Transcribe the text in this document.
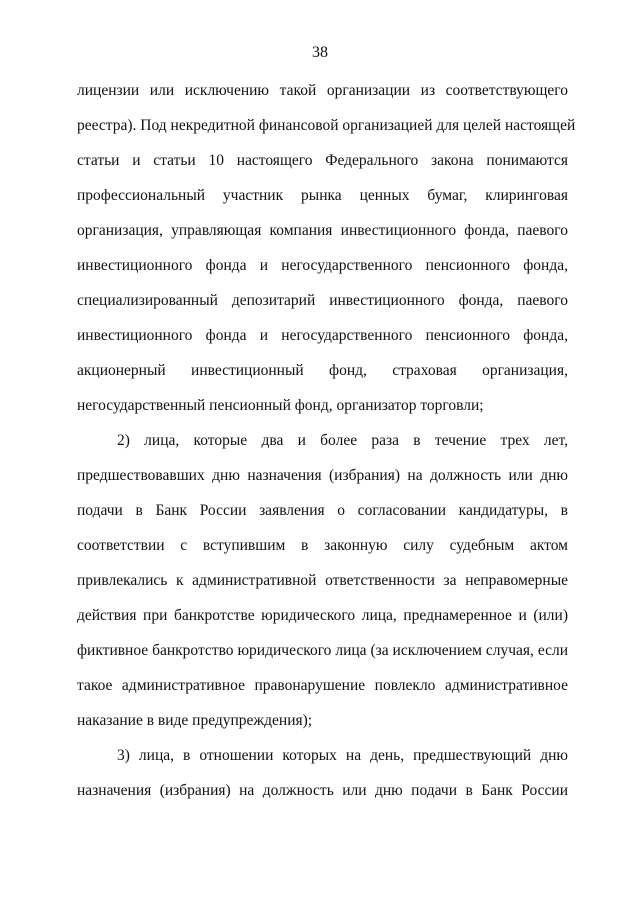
38
лицензии или исключению такой организации из соответствующего
реестра). Под некредитной финансовой организацией для целей настоящей
статьи и статьи 10 настоящего Федерального закона понимаются
профессиональный участник рынка ценных бумаг, клиринговая
организация, управляющая компания инвестиционного фонда, паевого
инвестиционного фонда и негосударственного пенсионного фонда,
специализированный депозитарий инвестиционного фонда, паевого
инвестиционного фонда и негосударственного пенсионного фонда,
акционерный инвестиционный фонд, страховая организация,
негосударственный пенсионный фонд, организатор торговли;
2) лица, которые два и более раза в течение трех лет,
предшествовавших дню назначения (избрания) на должность или дню
подачи в Банк России заявления о согласовании кандидатуры, в
соответствии с вступившим в законную силу судебным актом
привлекались к административной ответственности за неправомерные
действия при банкротстве юридического лица, преднамеренное и (или)
фиктивное банкротство юридического лица (за исключением случая, если
такое административное правонарушение повлекло административное
наказание в виде предупреждения);
3) лица, в отношении которых на день, предшествующий дню
назначения (избрания) на должность или дню подачи в Банк России
